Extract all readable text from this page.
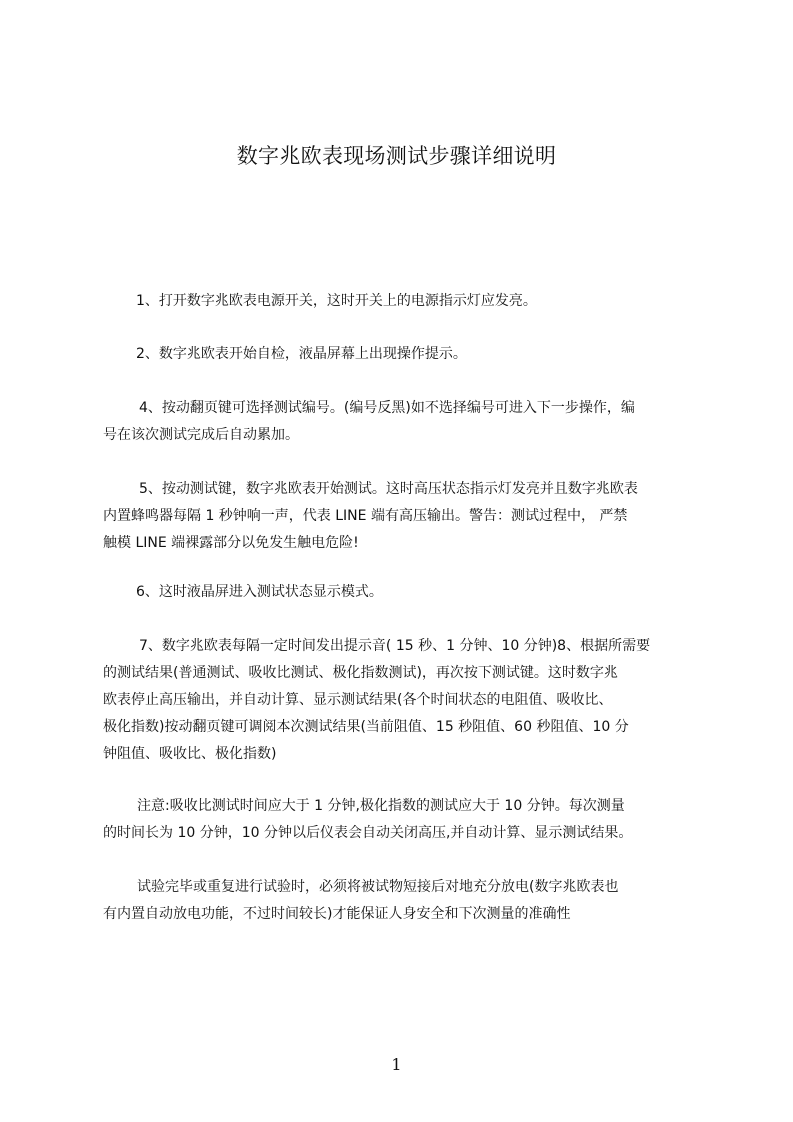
数字兆欧表现场测试步骤详细说明
1、打开数字兆欧表电源开关，这时开关上的电源指示灯应发亮。
2、数字兆欧表开始自检，液晶屏幕上出现操作提示。
4、按动翻页键可选择测试编号。(编号反黑)如不选择编号可进入下一步操作，编
号在该次测试完成后自动累加。
5、按动测试键，数字兆欧表开始测试。这时高压状态指示灯发亮并且数字兆欧表
内置蜂鸣器每隔 1 秒钟响一声，代表 LINE 端有高压输出。警告：测试过程中， 严禁
触模 LINE 端裸露部分以免发生触电危险!
6、这时液晶屏进入测试状态显示模式。
7、数字兆欧表每隔一定时间发出提示音( 15 秒、1 分钟、10 分钟)8、根据所需要
的测试结果(普通测试、吸收比测试、极化指数测试)，再次按下测试键。这时数字兆
欧表停止高压输出，并自动计算、显示测试结果(各个时间状态的电阻值、吸收比、
极化指数)按动翻页键可调阅本次测试结果(当前阻值、15 秒阻值、60 秒阻值、10 分
钟阻值、吸收比、极化指数)
注意:吸收比测试时间应大于 1 分钟,极化指数的测试应大于 10 分钟。每次测量
的时间长为 10 分钟，10 分钟以后仪表会自动关闭高压,并自动计算、显示测试结果。
试验完毕或重复进行试验时，必须将被试物短接后对地充分放电(数字兆欧表也
有内置自动放电功能，不过时间较长)才能保证人身安全和下次测量的准确性
1
